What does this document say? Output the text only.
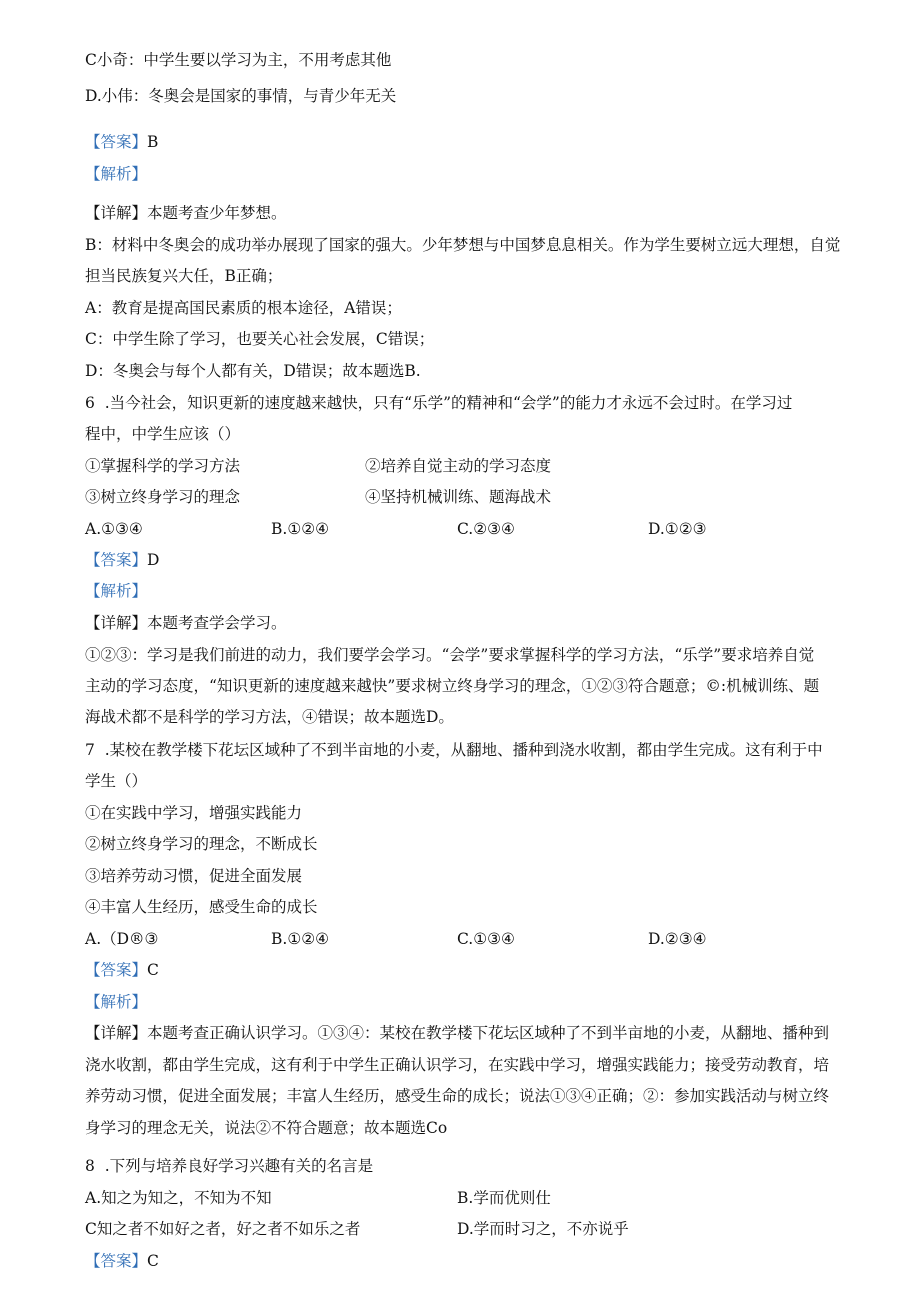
C小奇：中学生要以学习为主，不用考虑其他
D.小伟：冬奥会是国家的事情，与青少年无关
【答案】B
【解析】
【详解】本题考查少年梦想。
B：材料中冬奥会的成功举办展现了国家的强大。少年梦想与中国梦息息相关。作为学生要树立远大理想，自觉
担当民族复兴大任，B正确；
A：教育是提高国民素质的根本途径，A错误；
C：中学生除了学习，也要关心社会发展，C错误；
D：冬奥会与每个人都有关，D错误；故本题选B.
6  .当今社会，知识更新的速度越来越快，只有“乐学”的精神和“会学”的能力才永远不会过时。在学习过
程中，中学生应该（）
①掌握科学的学习方法	②培养自觉主动的学习态度
③树立终身学习的理念	④坚持机械训练、题海战术
A.①③④	B.①②④	C.②③④	D.①②③
【答案】D
【解析】
【详解】本题考查学会学习。
①②③：学习是我们前进的动力，我们要学会学习。“会学”要求掌握科学的学习方法，“乐学”要求培养自觉
主动的学习态度，“知识更新的速度越来越快”要求树立终身学习的理念，①②③符合题意；©:机械训练、题
海战术都不是科学的学习方法，④错误；故本题选D。
7  .某校在教学楼下花坛区域种了不到半亩地的小麦，从翻地、播种到浇水收割，都由学生完成。这有利于中
学生（）
①在实践中学习，增强实践能力
②树立终身学习的理念，不断成长
③培养劳动习惯，促进全面发展
④丰富人生经历，感受生命的成长
A.（D®③	B.①②④	C.①③④	D.②③④
【答案】C
【解析】
【详解】本题考查正确认识学习。①③④：某校在教学楼下花坛区域种了不到半亩地的小麦，从翻地、播种到
浇水收割，都由学生完成，这有利于中学生正确认识学习，在实践中学习，增强实践能力；接受劳动教育，培
养劳动习惯，促进全面发展；丰富人生经历，感受生命的成长；说法①③④正确；②：参加实践活动与树立终
身学习的理念无关，说法②不符合题意；故本题选Co
8  .下列与培养良好学习兴趣有关的名言是
A.知之为知之，不知为不知	B.学而优则仕
C知之者不如好之者，好之者不如乐之者	D.学而时习之，不亦说乎
【答案】C
